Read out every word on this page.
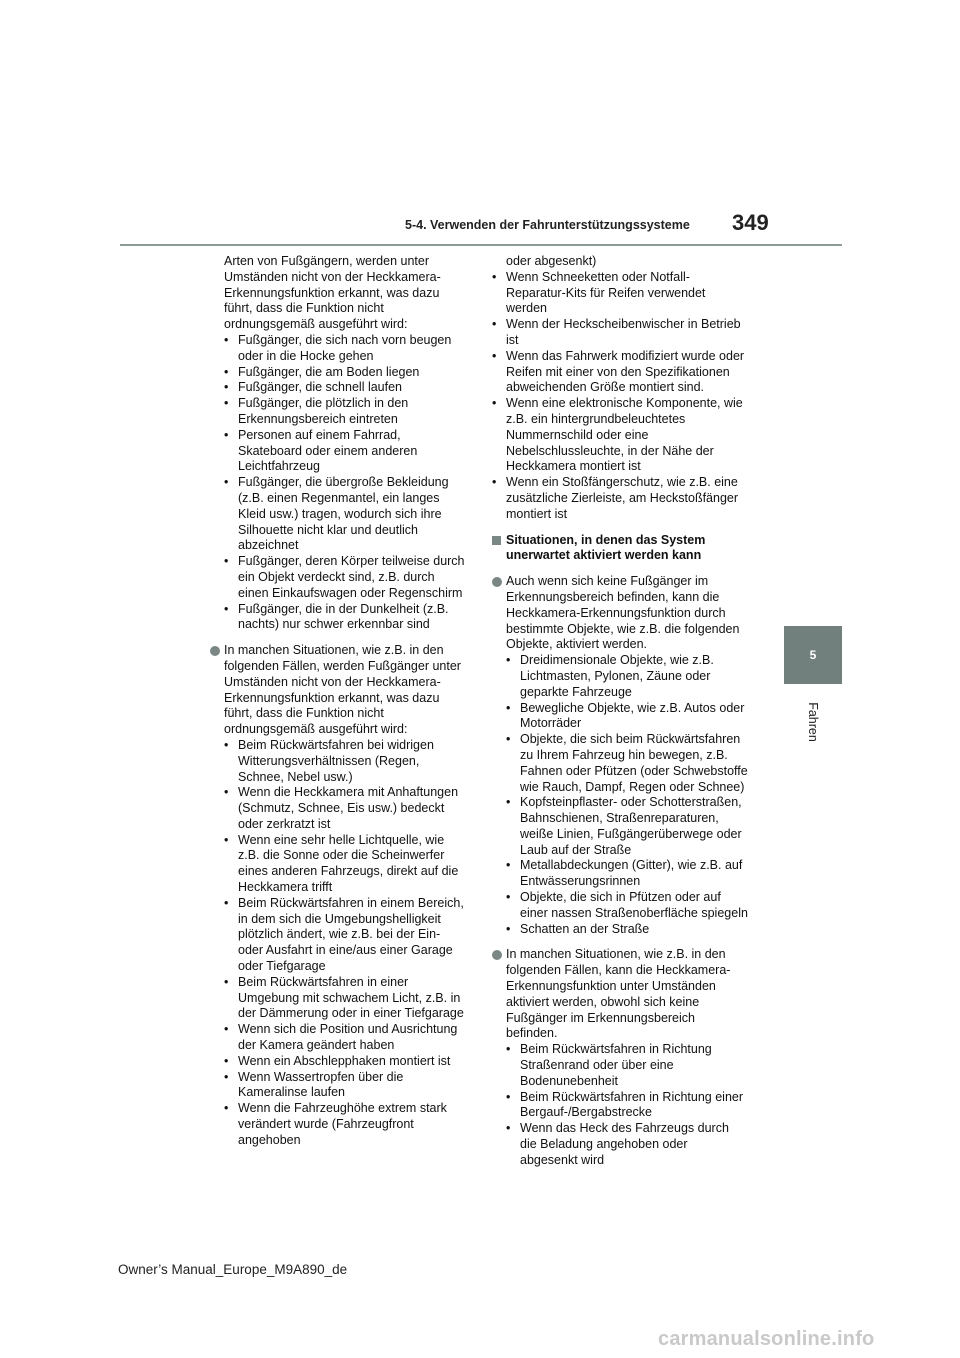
5-4. Verwenden der Fahrunterstützungssysteme 349
5
Fahren
Arten von Fußgängern, werden unter Umständen nicht von der Heckkamera-Erkennungsfunktion erkannt, was dazu führt, dass die Funktion nicht ordnungsgemäß ausgeführt wird:
• Fußgänger, die sich nach vorn beugen oder in die Hocke gehen
• Fußgänger, die am Boden liegen
• Fußgänger, die schnell laufen
• Fußgänger, die plötzlich in den Erkennungsbereich eintreten
• Personen auf einem Fahrrad, Skateboard oder einem anderen Leichtfahrzeug
• Fußgänger, die übergroße Bekleidung (z.B. einen Regenmantel, ein langes Kleid usw.) tragen, wodurch sich ihre Silhouette nicht klar und deutlich abzeichnet
• Fußgänger, deren Körper teilweise durch ein Objekt verdeckt sind, z.B. durch einen Einkaufswagen oder Regenschirm
• Fußgänger, die in der Dunkelheit (z.B. nachts) nur schwer erkennbar sind
In manchen Situationen, wie z.B. in den folgenden Fällen, werden Fußgänger unter Umständen nicht von der Heckkamera-Erkennungsfunktion erkannt, was dazu führt, dass die Funktion nicht ordnungsgemäß ausgeführt wird:
• Beim Rückwärtsfahren bei widrigen Witterungsverhältnissen (Regen, Schnee, Nebel usw.)
• Wenn die Heckkamera mit Anhaftungen (Schmutz, Schnee, Eis usw.) bedeckt oder zerkratzt ist
• Wenn eine sehr helle Lichtquelle, wie z.B. die Sonne oder die Scheinwerfer eines anderen Fahrzeugs, direkt auf die Heckkamera trifft
• Beim Rückwärtsfahren in einem Bereich, in dem sich die Umgebungshelligkeit plötzlich ändert, wie z.B. bei der Ein- oder Ausfahrt in eine/aus einer Garage oder Tiefgarage
• Beim Rückwärtsfahren in einer Umgebung mit schwachem Licht, z.B. in der Dämmerung oder in einer Tiefgarage
• Wenn sich die Position und Ausrichtung der Kamera geändert haben
• Wenn ein Abschlepphaken montiert ist
• Wenn Wassertropfen über die Kameralinse laufen
• Wenn die Fahrzeughöhe extrem stark verändert wurde (Fahrzeugfront angehoben
oder abgesenkt)
• Wenn Schneeketten oder Notfall-Reparatur-Kits für Reifen verwendet werden
• Wenn der Heckscheibenwischer in Betrieb ist
• Wenn das Fahrwerk modifiziert wurde oder Reifen mit einer von den Spezifikationen abweichenden Größe montiert sind.
• Wenn eine elektronische Komponente, wie z.B. ein hintergrundbeleuchtetes Nummernschild oder eine Nebelschlussleuchte, in der Nähe der Heckkamera montiert ist
• Wenn ein Stoßfängerschutz, wie z.B. eine zusätzliche Zierleiste, am Heckstoßfänger montiert ist
Situationen, in denen das System unerwartet aktiviert werden kann
Auch wenn sich keine Fußgänger im Erkennungsbereich befinden, kann die Heckkamera-Erkennungsfunktion durch bestimmte Objekte, wie z.B. die folgenden Objekte, aktiviert werden.
• Dreidimensionale Objekte, wie z.B. Lichtmasten, Pylonen, Zäune oder geparkte Fahrzeuge
• Bewegliche Objekte, wie z.B. Autos oder Motorräder
• Objekte, die sich beim Rückwärtsfahren zu Ihrem Fahrzeug hin bewegen, z.B. Fahnen oder Pfützen (oder Schwebstoffe wie Rauch, Dampf, Regen oder Schnee)
• Kopfsteinpflaster- oder Schotterstraßen, Bahnschienen, Straßenreparaturen, weiße Linien, Fußgängerüberwege oder Laub auf der Straße
• Metallabdeckungen (Gitter), wie z.B. auf Entwässerungsrinnen
• Objekte, die sich in Pfützen oder auf einer nassen Straßenoberfläche spiegeln
• Schatten an der Straße
In manchen Situationen, wie z.B. in den folgenden Fällen, kann die Heckkamera-Erkennungsfunktion unter Umständen aktiviert werden, obwohl sich keine Fußgänger im Erkennungsbereich befinden.
• Beim Rückwärtsfahren in Richtung Straßenrand oder über eine Bodenunebenheit
• Beim Rückwärtsfahren in Richtung einer Bergauf-/Bergabstrecke
• Wenn das Heck des Fahrzeugs durch die Beladung angehoben oder abgesenkt wird
Owner’s Manual_Europe_M9A890_de
carmanualsonline.info
